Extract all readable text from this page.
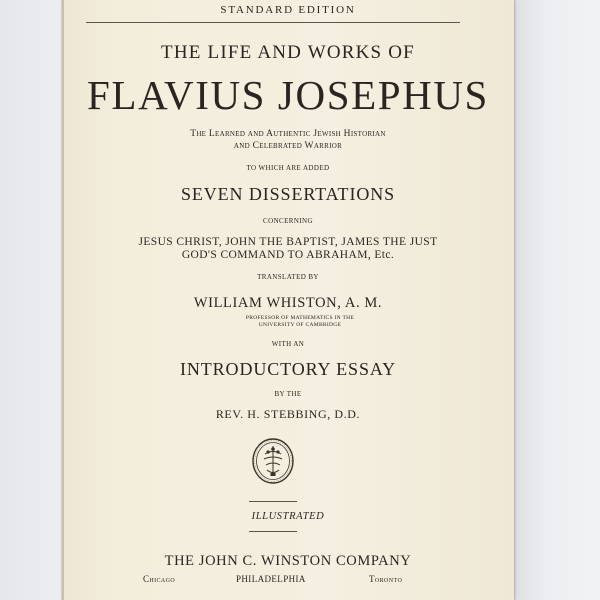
STANDARD EDITION
THE LIFE AND WORKS OF
FLAVIUS JOSEPHUS
The Learned and Authentic Jewish Historian
and Celebrated Warrior
TO WHICH ARE ADDED
SEVEN DISSERTATIONS
CONCERNING
JESUS CHRIST, JOHN THE BAPTIST, JAMES THE JUST
GOD'S COMMAND TO ABRAHAM, Etc.
TRANSLATED BY
WILLIAM WHISTON, A. M.
PROFESSOR OF MATHEMATICS IN THE
UNIVERSITY OF CAMBRIDGE
WITH AN
INTRODUCTORY ESSAY
BY THE
REV. H. STEBBING, D.D.
ILLUSTRATED
THE JOHN C. WINSTON COMPANY
Chicago	PHILADELPHIA	Toronto
